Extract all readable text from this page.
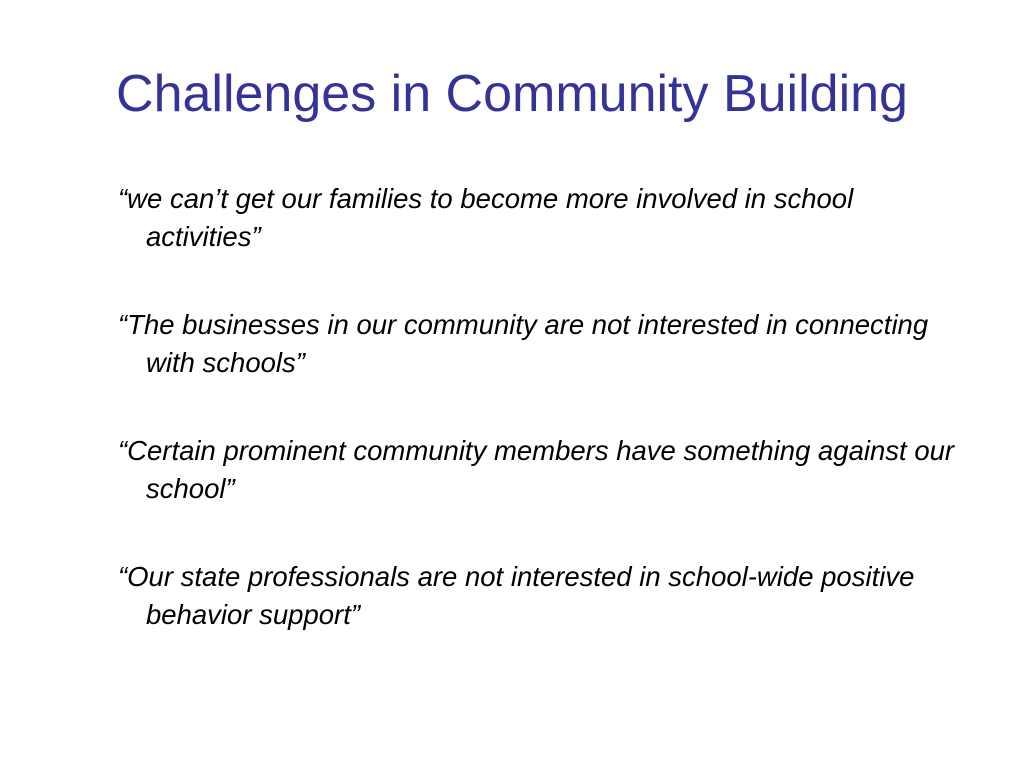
Challenges in Community Building
“we can’t get our families to become more involved in school activities”
“The businesses in our community are not interested in connecting with schools”
“Certain prominent community members have something against our school”
“Our state professionals are not interested in school-wide positive behavior support”
